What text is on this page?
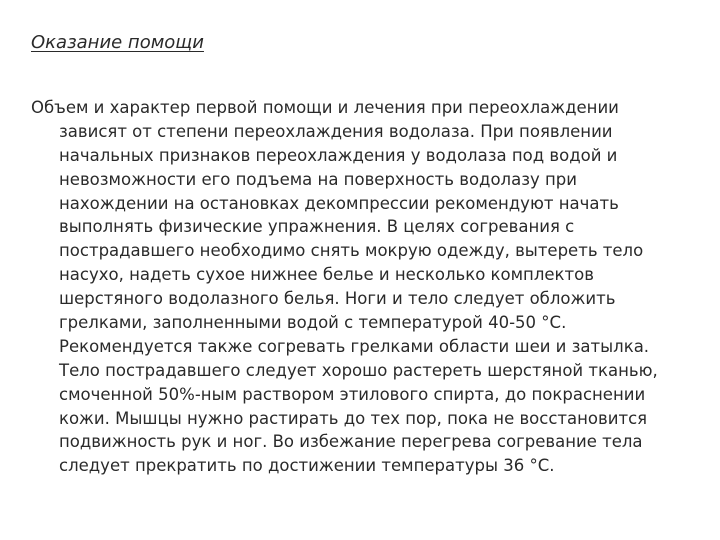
Оказание помощи
Объем и характер первой помощи и лечения при переохлаждении
зависят от степени переохлаждения водолаза. При появлении
начальных признаков переохлаждения у водолаза под водой и
невозможности его подъема на поверхность водолазу при
нахождении на остановках декомпрессии рекомендуют начать
выполнять физические упражнения. В целях согревания с
пострадавшего необходимо снять мокрую одежду, вытереть тело
насухо, надеть сухое нижнее белье и несколько комплектов
шерстяного водолазного белья. Ноги и тело следует обложить
грелками, заполненными водой с температурой 40-50 °С.
Рекомендуется также согревать грелками области шеи и затылка.
Тело пострадавшего следует хорошо растереть шерстяной тканью,
смоченной 50%-ным раствором этилового спирта, до покраснении
кожи. Мышцы нужно растирать до тех пор, пока не восстановится
подвижность рук и ног. Во избежание перегрева согревание тела
следует прекратить по достижении температуры 36 °С.
